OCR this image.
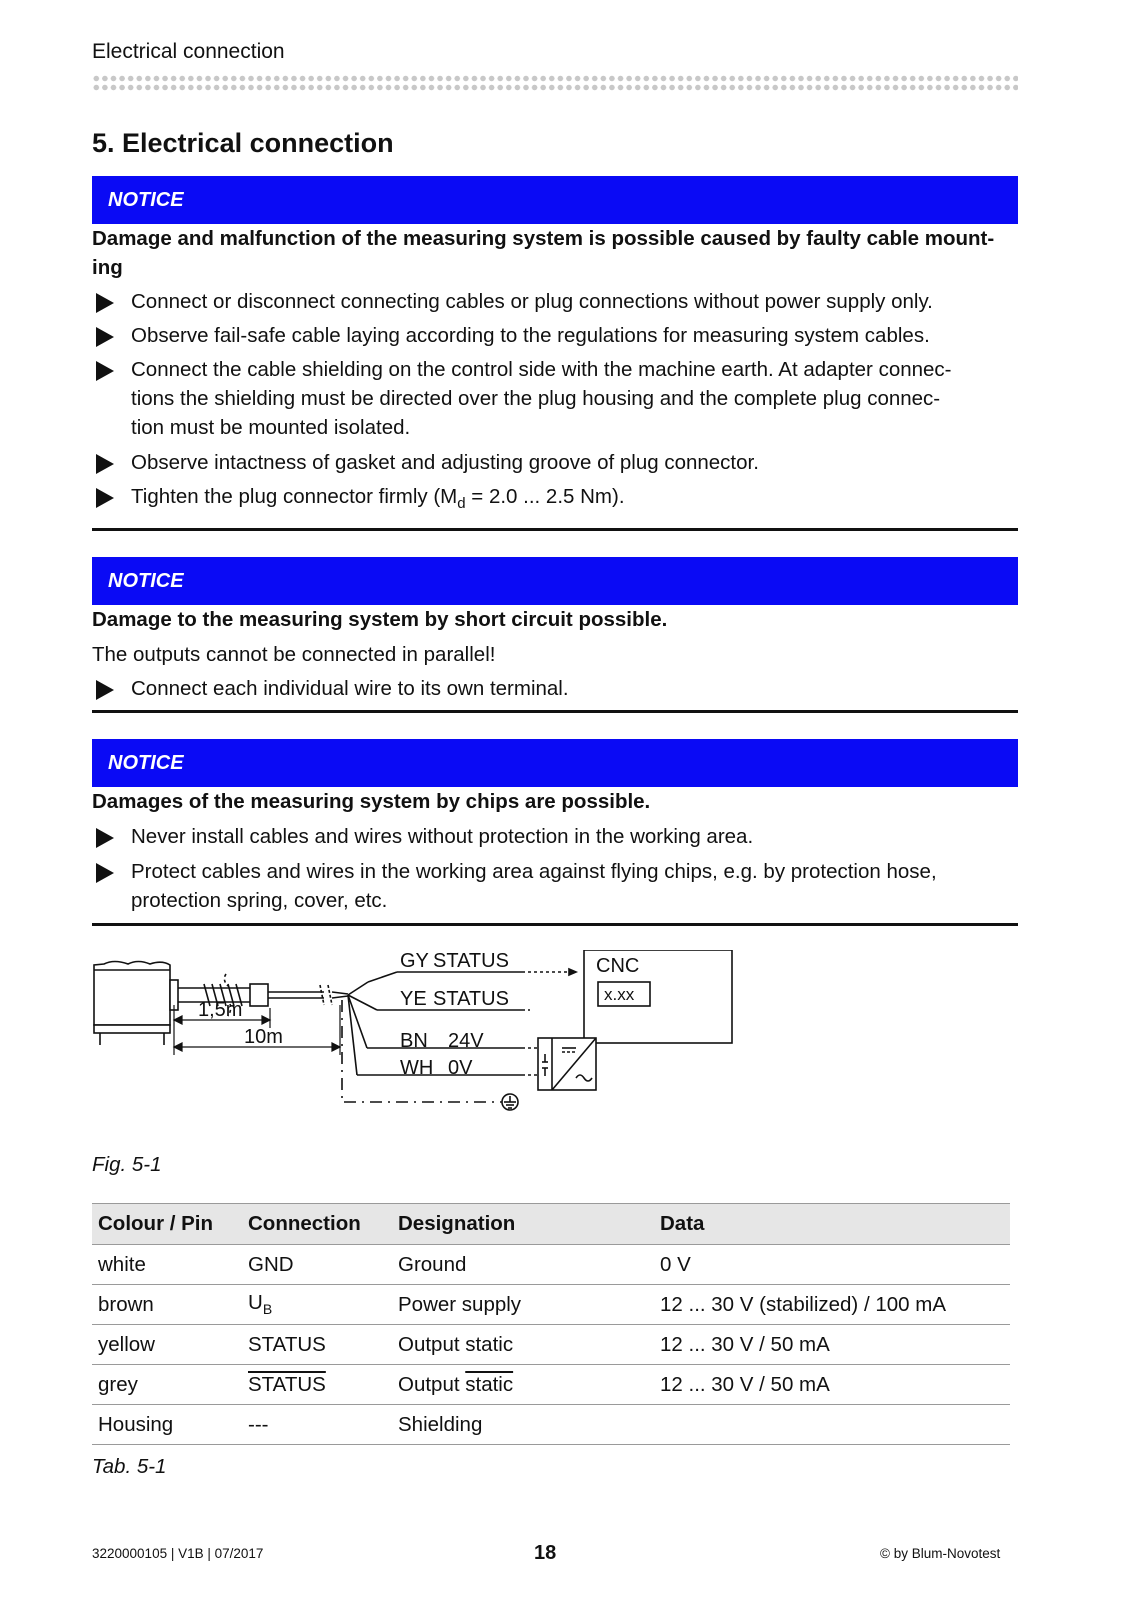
Electrical connection
5. Electrical connection
NOTICE
Damage and malfunction of the measuring system is possible caused by faulty cable mount-
ing
Connect or disconnect connecting cables or plug connections without power supply only.
Observe fail-safe cable laying according to the regulations for measuring system cables.
Connect the cable shielding on the control side with the machine earth. At adapter connec-
tions the shielding must be directed over the plug housing and the complete plug connec-
tion must be mounted isolated.
Observe intactness of gasket and adjusting groove of plug connector.
Tighten the plug connector firmly ($M_d = 2.0$ ... 2.5 Nm).
NOTICE
Damage to the measuring system by short circuit possible.
The outputs cannot be connected in parallel!
Connect each individual wire to its own terminal.
NOTICE
Damages of the measuring system by chips are possible.
Never install cables and wires without protection in the working area.
Protect cables and wires in the working area against flying chips, e.g. by protection hose,
protection spring, cover, etc.
1,5m
10m
GY STATUS
YE STATUS
BN 24V
WH 0V
CNC
x.xx
Fig. 5-1
Colour / Pin	Connection	Designation	Data
white	GND	Ground	0 V
brown	$U_B$	Power supply	12 ... 30 V (stabilized) / 100 mA
yellow	STATUS	Output static	12 ... 30 V / 50 mA
grey	STATUS	Output static	12 ... 30 V / 50 mA
Housing	---	Shielding	
Tab. 5-1
3220000105 | V1B | 07/2017	18	© by Blum-Novotest
